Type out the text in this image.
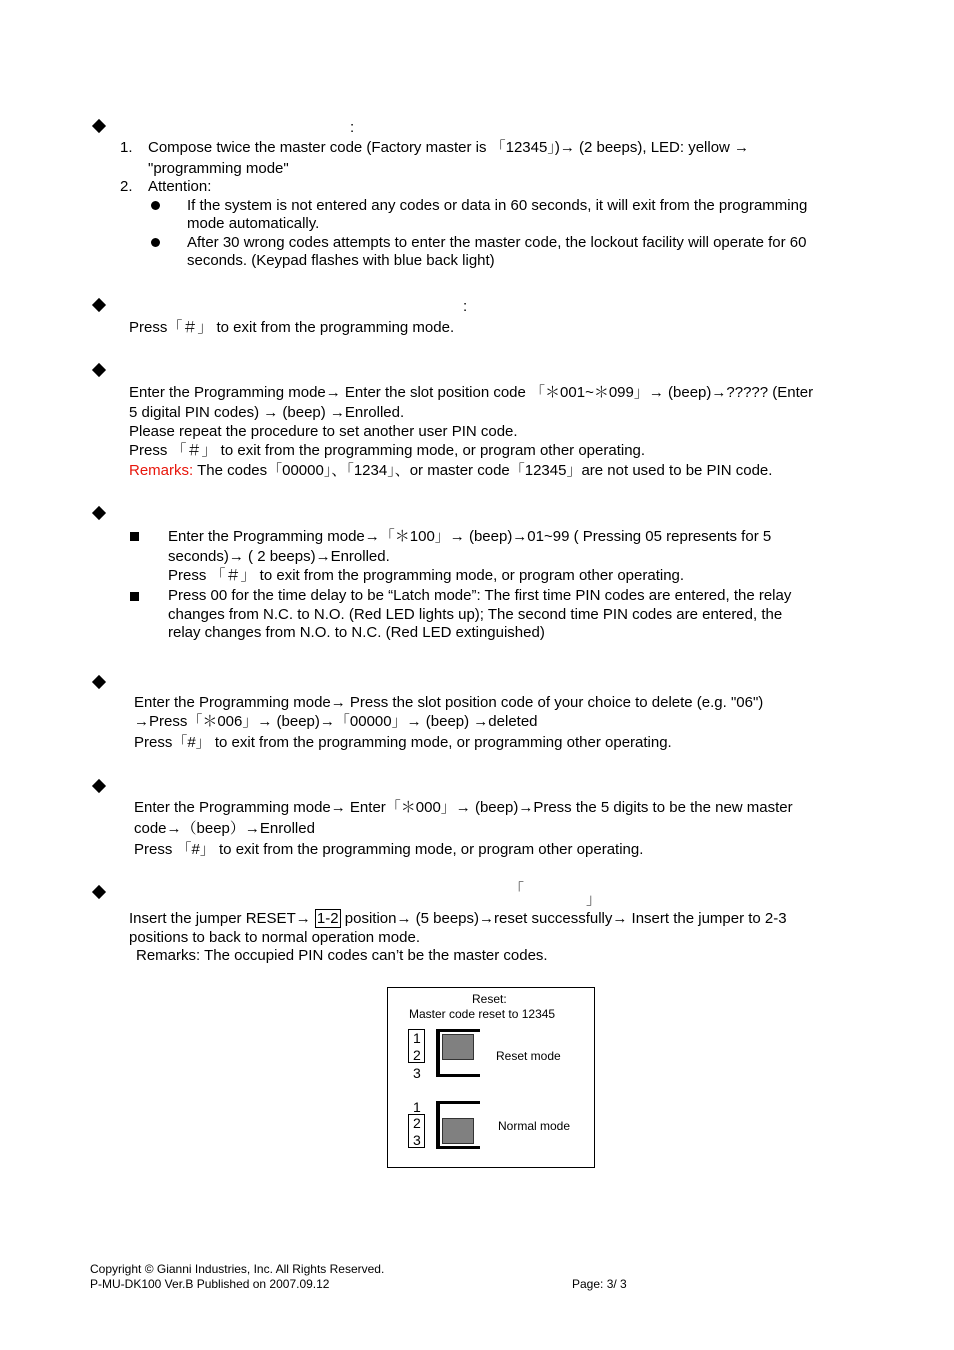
:
1. Compose twice the master code (Factory master is 「12345」)→ (2 beeps), LED: yellow →
"programming mode"
2. Attention:
If the system is not entered any codes or data in 60 seconds, it will exit from the programming
mode automatically.
After 30 wrong codes attempts to enter the master code, the lockout facility will operate for 60
seconds. (Keypad flashes with blue back light)
:
Press「＃」 to exit from the programming mode.
Enter the Programming mode→ Enter the slot position code 「＊001~＊099」→ (beep)→????? (Enter
5 digital PIN codes) → (beep) →Enrolled.
Please repeat the procedure to set another user PIN code.
Press 「＃」 to exit from the programming mode, or program other operating.
Remarks: The codes「00000」、「1234」、or master code「12345」are not used to be PIN code.
Enter the Programming mode→「＊100」→ (beep)→01~99 ( Pressing 05 represents for 5
seconds)→ ( 2 beeps)→Enrolled.
Press 「＃」 to exit from the programming mode, or program other operating.
Press 00 for the time delay to be “Latch mode”: The first time PIN codes are entered, the relay
changes from N.C. to N.O. (Red LED lights up); The second time PIN codes are entered, the
relay changes from N.O. to N.C. (Red LED extinguished)
Enter the Programming mode→ Press the slot position code of your choice to delete (e.g. "06")
→Press「＊006」→ (beep)→「00000」→ (beep) →deleted
Press「#」 to exit from the programming mode, or programming other operating.
Enter the Programming mode→ Enter「＊000」→ (beep)→Press the 5 digits to be the new master
code→（beep）→Enrolled
Press 「#」 to exit from the programming mode, or program other operating.
「
」
Insert the jumper RESET→ 1-2 position→ (5 beeps)→reset successfully→ Insert the jumper to 2-3
positions to back to normal operation mode.
Remarks: The occupied PIN codes can’t be the master codes.
Reset:
Master code reset to 12345
1
2
3
Reset mode
1
2
3
Normal mode
Copyright © Gianni Industries, Inc. All Rights Reserved.
P-MU-DK100 Ver.B Published on 2007.09.12	Page: 3/ 3
